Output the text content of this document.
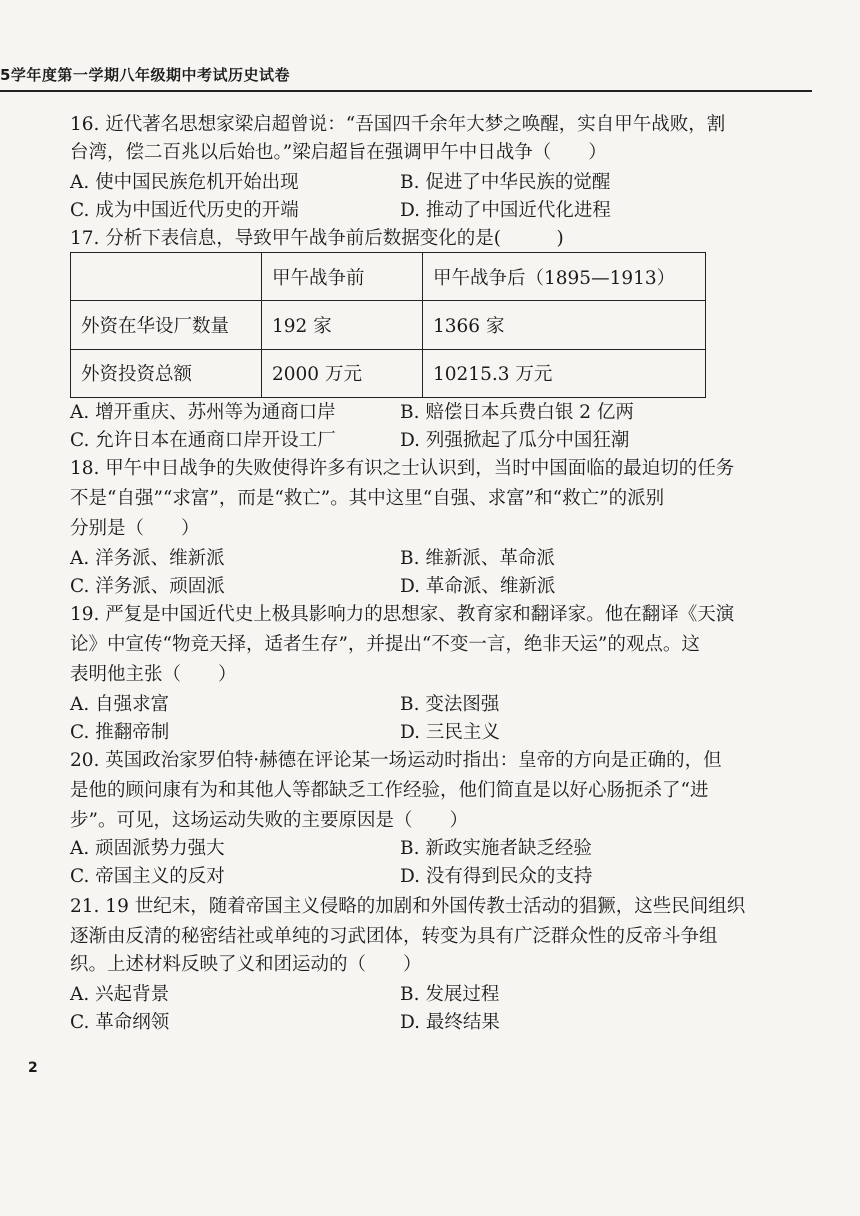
5学年度第一学期八年级期中考试历史试卷
16. 近代著名思想家梁启超曾说：“吾国四千余年大梦之唤醒，实自甲午战败，割
台湾，偿二百兆以后始也。”梁启超旨在强调甲午中日战争（　　）
A. 使中国民族危机开始出现	B. 促进了中华民族的觉醒
C. 成为中国近代历史的开端	D. 推动了中国近代化进程
17. 分析下表信息，导致甲午战争前后数据变化的是(　　　)
	甲午战争前	甲午战争后（1895—1913）
外资在华设厂数量	192 家	1366 家
外资投资总额	2000 万元	10215.3 万元
A. 增开重庆、苏州等为通商口岸	B. 赔偿日本兵费白银 2 亿两
C. 允许日本在通商口岸开设工厂	D. 列强掀起了瓜分中国狂潮
18. 甲午中日战争的失败使得许多有识之士认识到，当时中国面临的最迫切的任务
不是“自强”“求富”，而是“救亡”。其中这里“自强、求富”和“救亡”的派别
分别是（　　）
A. 洋务派、维新派	B. 维新派、革命派
C. 洋务派、顽固派	D. 革命派、维新派
19. 严复是中国近代史上极具影响力的思想家、教育家和翻译家。他在翻译《天演
论》中宣传“物竞天择，适者生存”，并提出“不变一言，绝非天运”的观点。这
表明他主张（　　）
A. 自强求富	B. 变法图强
C. 推翻帝制	D. 三民主义
20. 英国政治家罗伯特·赫德在评论某一场运动时指出：皇帝的方向是正确的，但
是他的顾问康有为和其他人等都缺乏工作经验，他们简直是以好心肠扼杀了“进
步”。可见，这场运动失败的主要原因是（　　）
A. 顽固派势力强大	B. 新政实施者缺乏经验
C. 帝国主义的反对	D. 没有得到民众的支持
21. 19 世纪末，随着帝国主义侵略的加剧和外国传教士活动的猖獗，这些民间组织
逐渐由反清的秘密结社或单纯的习武团体，转变为具有广泛群众性的反帝斗争组
织。上述材料反映了义和团运动的（　　）
A. 兴起背景	B. 发展过程
C. 革命纲领	D. 最终结果
2
